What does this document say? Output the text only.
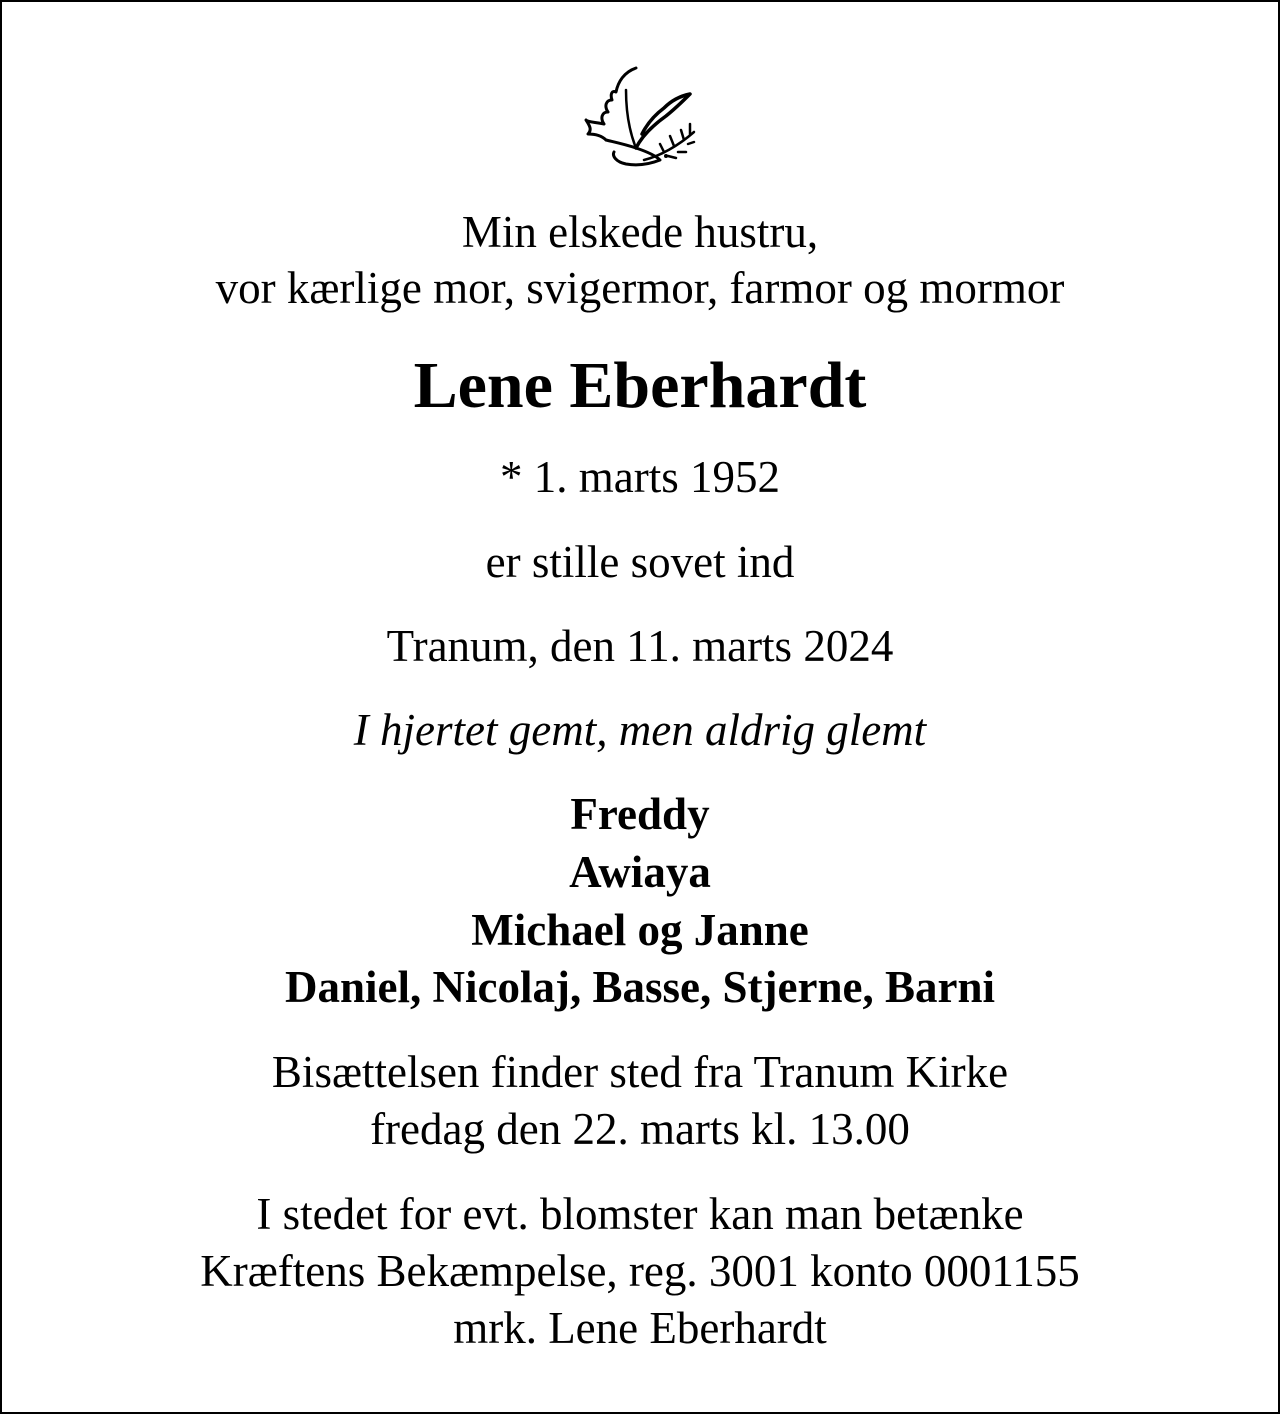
Min elskede hustru,
vor kærlige mor, svigermor, farmor og mormor
Lene Eberhardt
* 1. marts 1952
er stille sovet ind
Tranum, den 11. marts 2024
I hjertet gemt, men aldrig glemt
Freddy
Awiaya
Michael og Janne
Daniel, Nicolaj, Basse, Stjerne, Barni
Bisættelsen finder sted fra Tranum Kirke
fredag den 22. marts kl. 13.00
I stedet for evt. blomster kan man betænke
Kræftens Bekæmpelse, reg. 3001 konto 0001155
mrk. Lene Eberhardt
